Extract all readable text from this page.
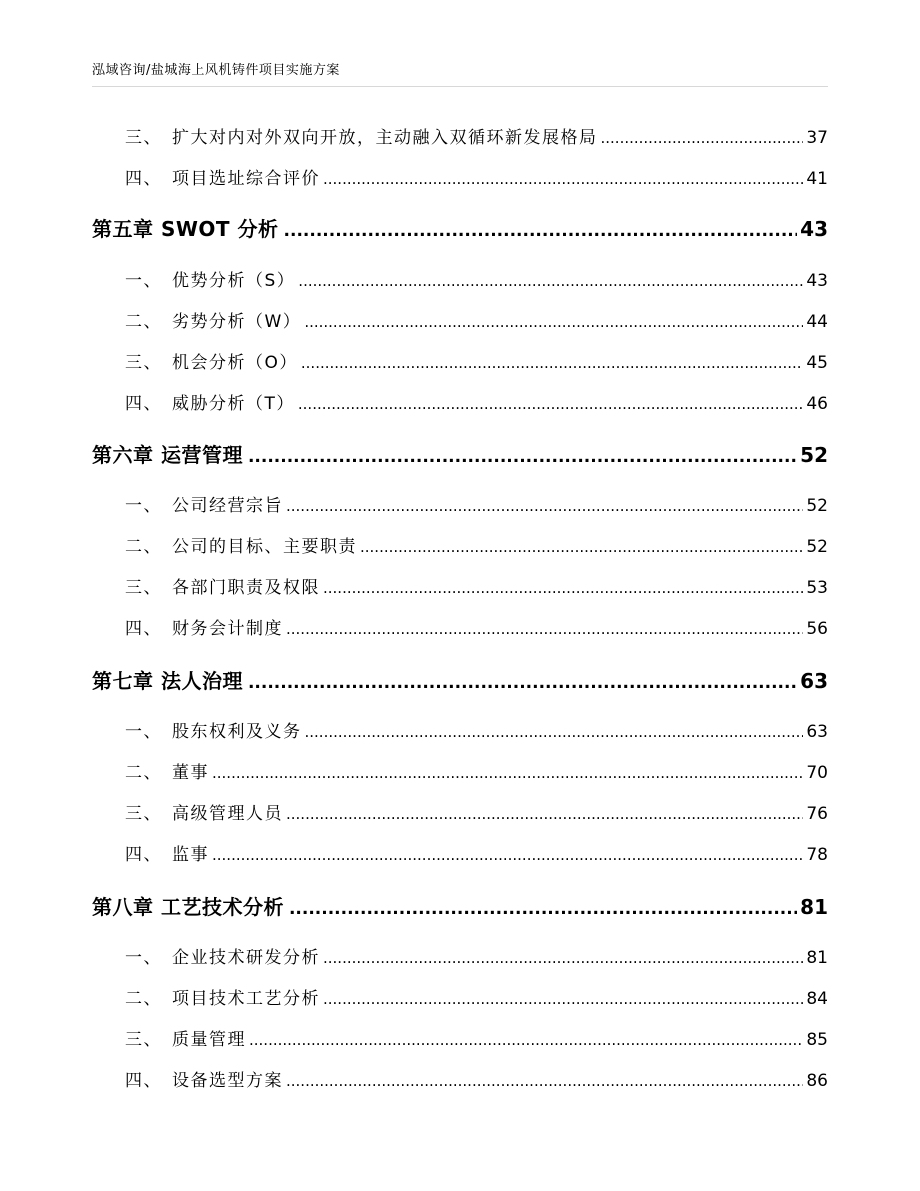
泓域咨询/盐城海上风机铸件项目实施方案
三、 扩大对内对外双向开放，主动融入双循环新发展格局 .....	37
四、 项目选址综合评价 .....	41
第五章 SWOT 分析 .....	43
一、 优势分析（S） .....	43
二、 劣势分析（W） .....	44
三、 机会分析（O） .....	45
四、 威胁分析（T） .....	46
第六章 运营管理 .....	52
一、 公司经营宗旨 .....	52
二、 公司的目标、主要职责 .....	52
三、 各部门职责及权限 .....	53
四、 财务会计制度 .....	56
第七章 法人治理 .....	63
一、 股东权利及义务 .....	63
二、 董事 .....	70
三、 高级管理人员 .....	76
四、 监事 .....	78
第八章 工艺技术分析 .....	81
一、 企业技术研发分析 .....	81
二、 项目技术工艺分析 .....	84
三、 质量管理 .....	85
四、 设备选型方案 .....	86
